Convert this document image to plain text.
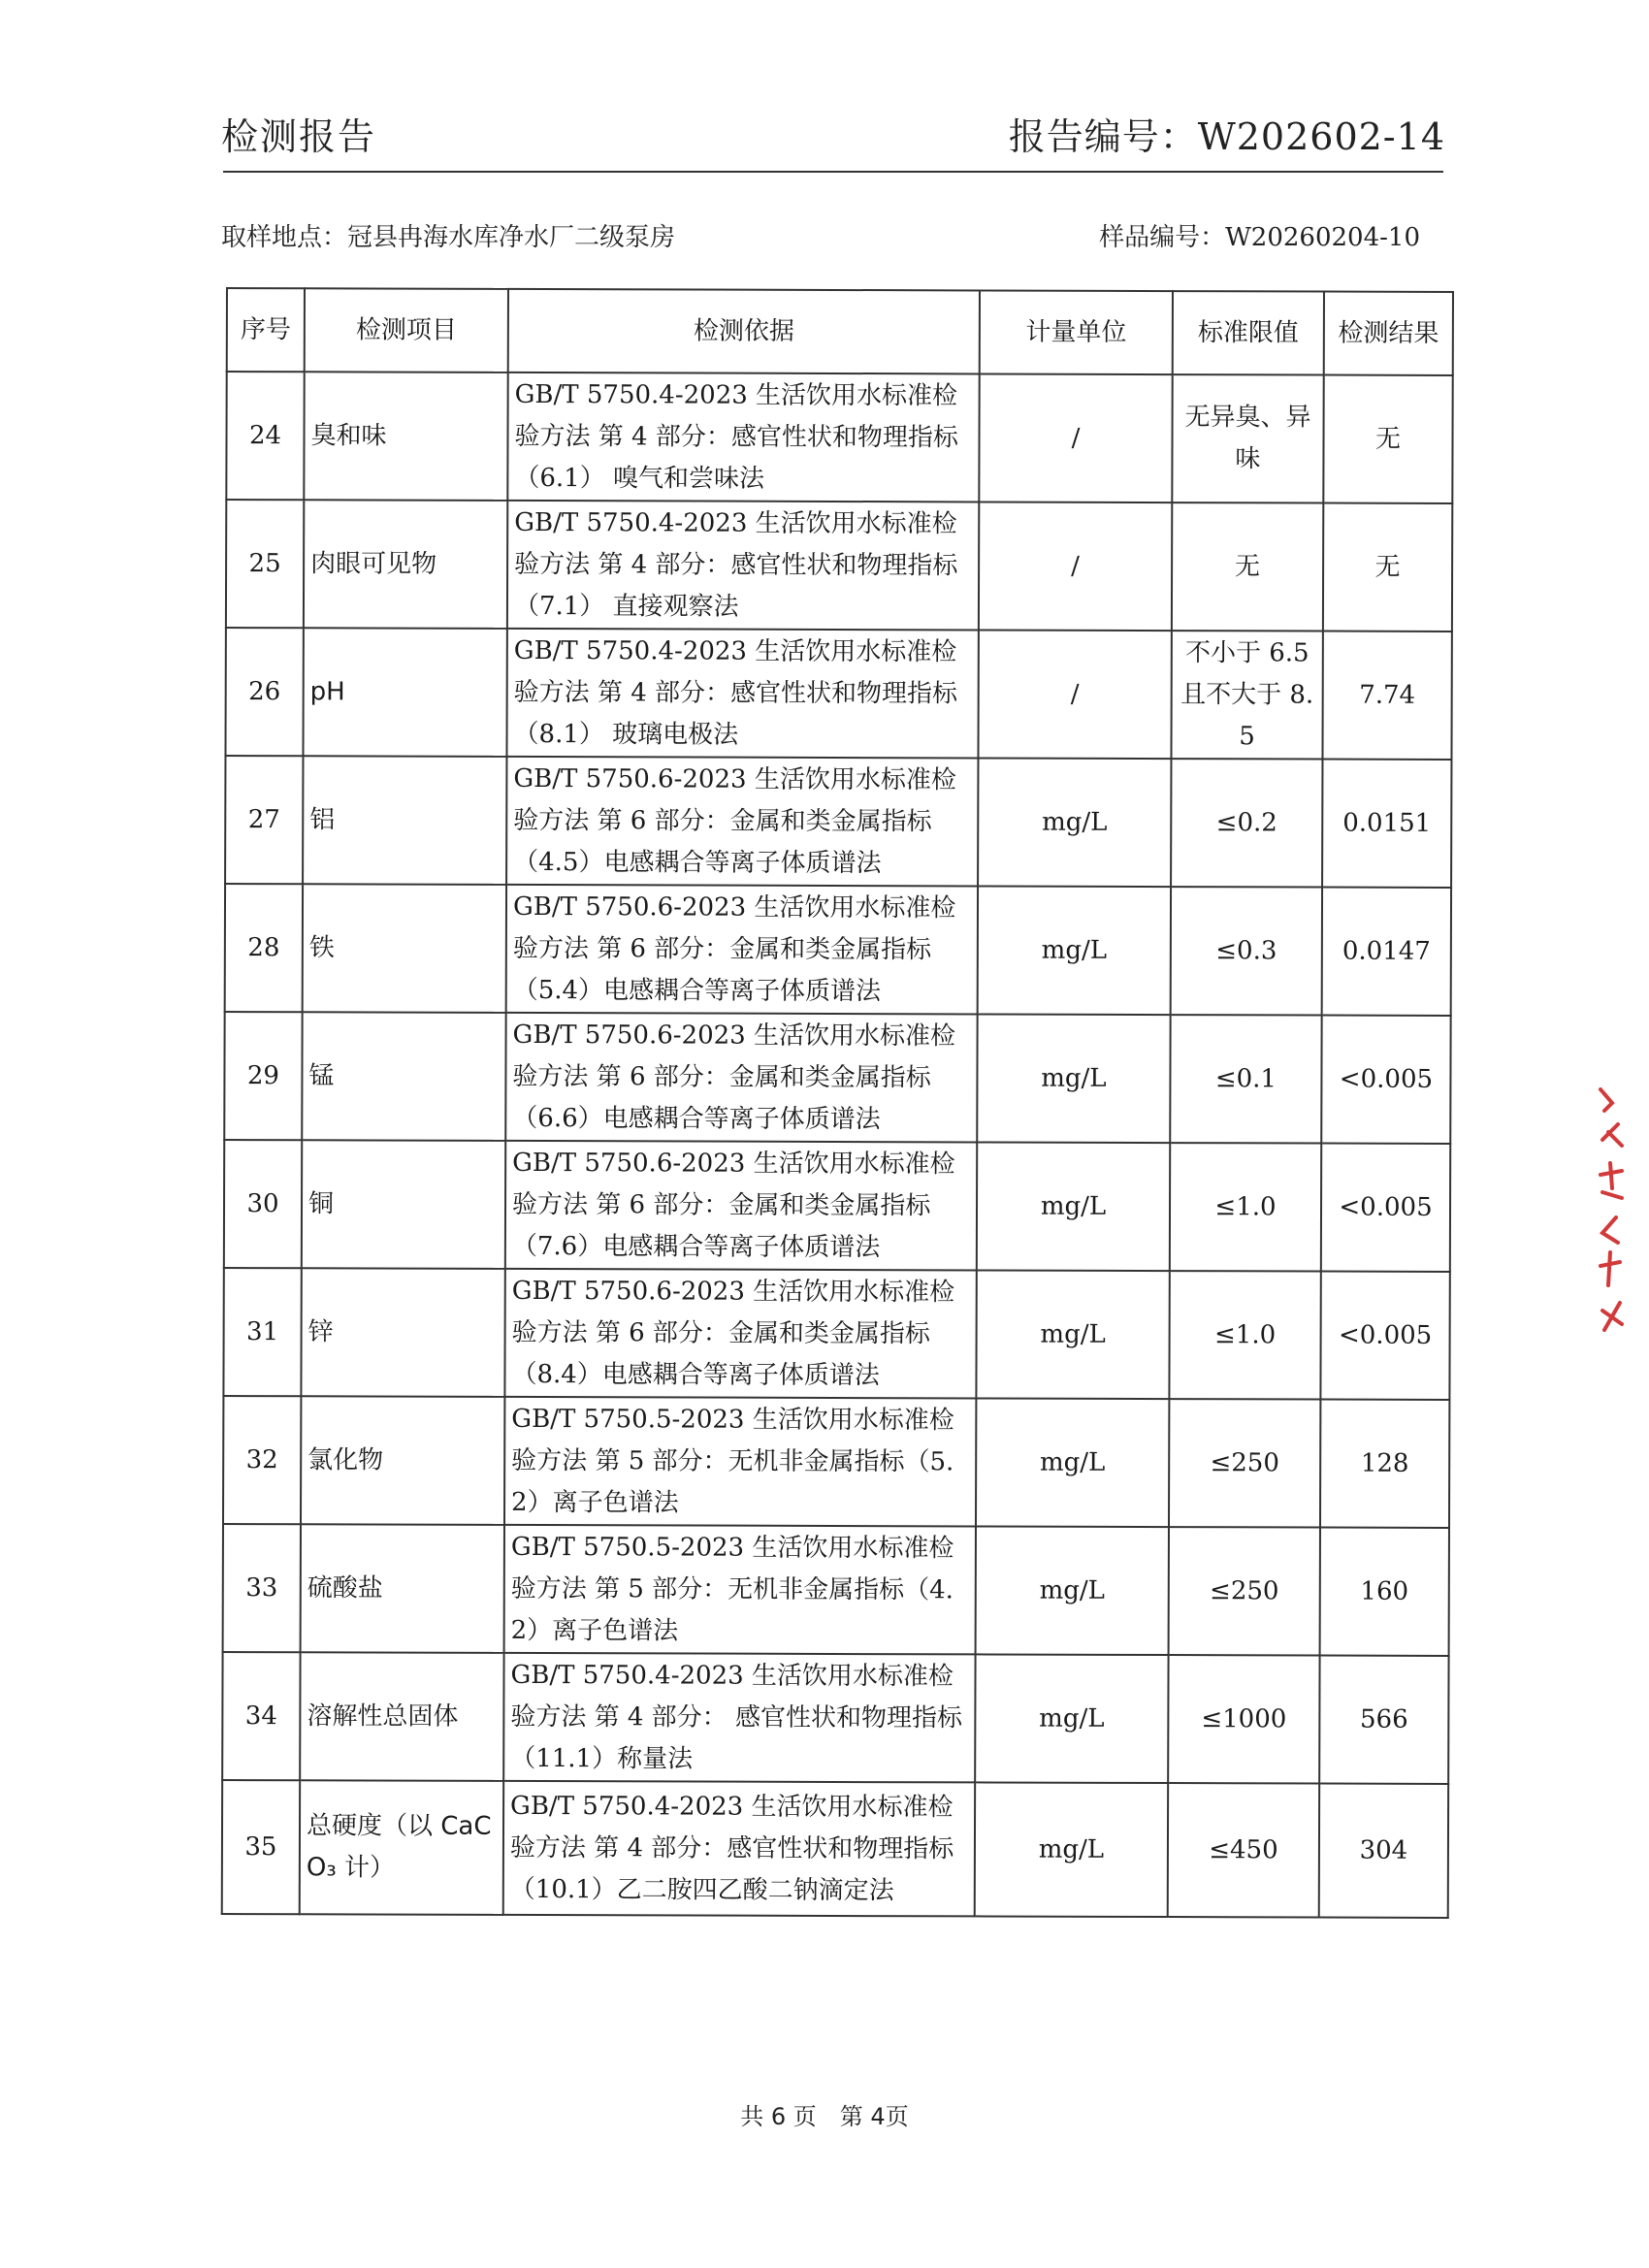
检测报告	报告编号：W202602-14
取样地点：冠县冉海水库净水厂二级泵房	样品编号：W20260204-10
序号	检测项目	检测依据	计量单位	标准限值	检测结果
24	臭和味	GB/T 5750.4-2023 生活饮用水标准检验方法 第 4 部分：感官性状和物理指标（6.1） 嗅气和尝味法	/	无异臭、异味	无
25	肉眼可见物	GB/T 5750.4-2023 生活饮用水标准检验方法 第 4 部分：感官性状和物理指标（7.1） 直接观察法	/	无	无
26	pH	GB/T 5750.4-2023 生活饮用水标准检验方法 第 4 部分：感官性状和物理指标（8.1） 玻璃电极法	/	不小于 6.5 且不大于 8.5	7.74
27	铝	GB/T 5750.6-2023 生活饮用水标准检验方法 第 6 部分：金属和类金属指标（4.5）电感耦合等离子体质谱法	mg/L	≤0.2	0.0151
28	铁	GB/T 5750.6-2023 生活饮用水标准检验方法 第 6 部分：金属和类金属指标（5.4）电感耦合等离子体质谱法	mg/L	≤0.3	0.0147
29	锰	GB/T 5750.6-2023 生活饮用水标准检验方法 第 6 部分：金属和类金属指标（6.6）电感耦合等离子体质谱法	mg/L	≤0.1	<0.005
30	铜	GB/T 5750.6-2023 生活饮用水标准检验方法 第 6 部分：金属和类金属指标（7.6）电感耦合等离子体质谱法	mg/L	≤1.0	<0.005
31	锌	GB/T 5750.6-2023 生活饮用水标准检验方法 第 6 部分：金属和类金属指标（8.4）电感耦合等离子体质谱法	mg/L	≤1.0	<0.005
32	氯化物	GB/T 5750.5-2023 生活饮用水标准检验方法 第 5 部分：无机非金属指标（5.2）离子色谱法	mg/L	≤250	128
33	硫酸盐	GB/T 5750.5-2023 生活饮用水标准检验方法 第 5 部分：无机非金属指标（4.2）离子色谱法	mg/L	≤250	160
34	溶解性总固体	GB/T 5750.4-2023 生活饮用水标准检验方法 第 4 部分： 感官性状和物理指标（11.1）称量法	mg/L	≤1000	566
35	总硬度（以 CaCO₃ 计）	GB/T 5750.4-2023 生活饮用水标准检验方法 第 4 部分：感官性状和物理指标 （10.1）乙二胺四乙酸二钠滴定法	mg/L	≤450	304
共 6 页　第 4页
